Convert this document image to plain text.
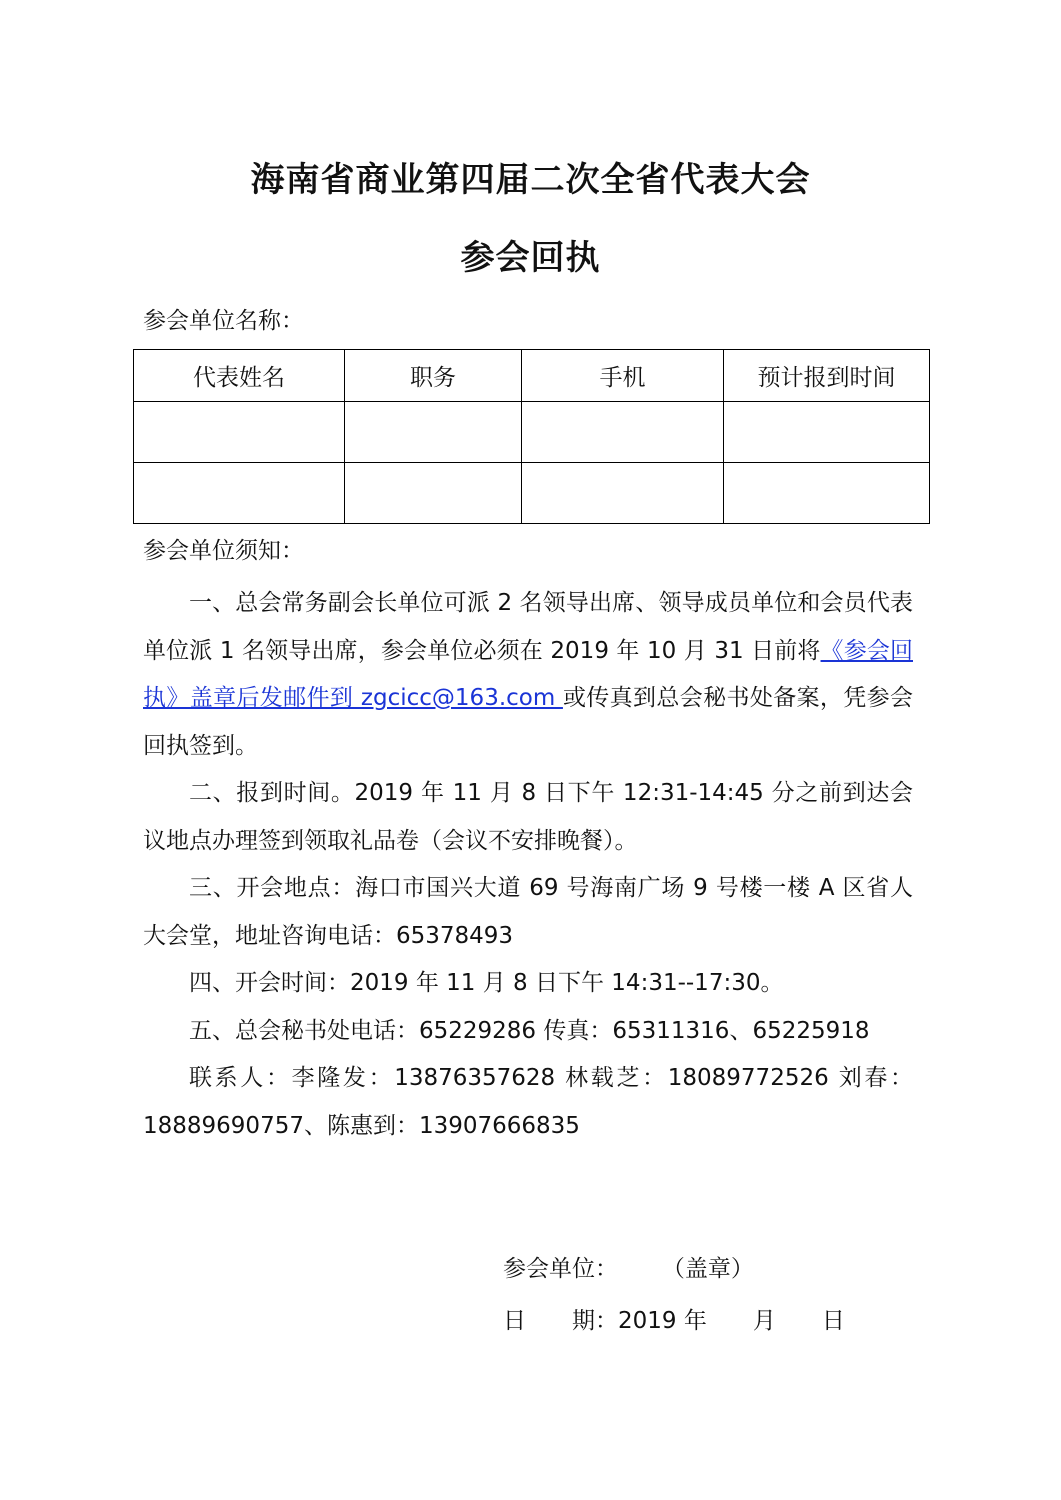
海南省商业第四届二次全省代表大会
参会回执
参会单位名称：
代表姓名	职务	手机	预计报到时间

参会单位须知：

一、总会常务副会长单位可派 2 名领导出席、领导成员单位和会员代表单位派 1 名领导出席，参会单位必须在 2019 年 10 月 31 日前将《参会回执》盖章后发邮件到 zgcicc@163.com 或传真到总会秘书处备案，凭参会回执签到。

二、报到时间。2019 年 11 月 8 日下午 12:31-14:45 分之前到达会议地点办理签到领取礼品卷（会议不安排晚餐）。

三、开会地点：海口市国兴大道 69 号海南广场 9 号楼一楼 A 区省人大会堂，地址咨询电话：65378493

四、开会时间：2019 年 11 月 8 日下午 14:31--17:30。

五、总会秘书处电话：65229286 传真：65311316、65225918

联系人：李隆发：13876357628 林载芝：18089772526 刘春：18889690757、陈惠到：13907666835

参会单位： （盖章）
日　　期：2019 年　　月　　日
